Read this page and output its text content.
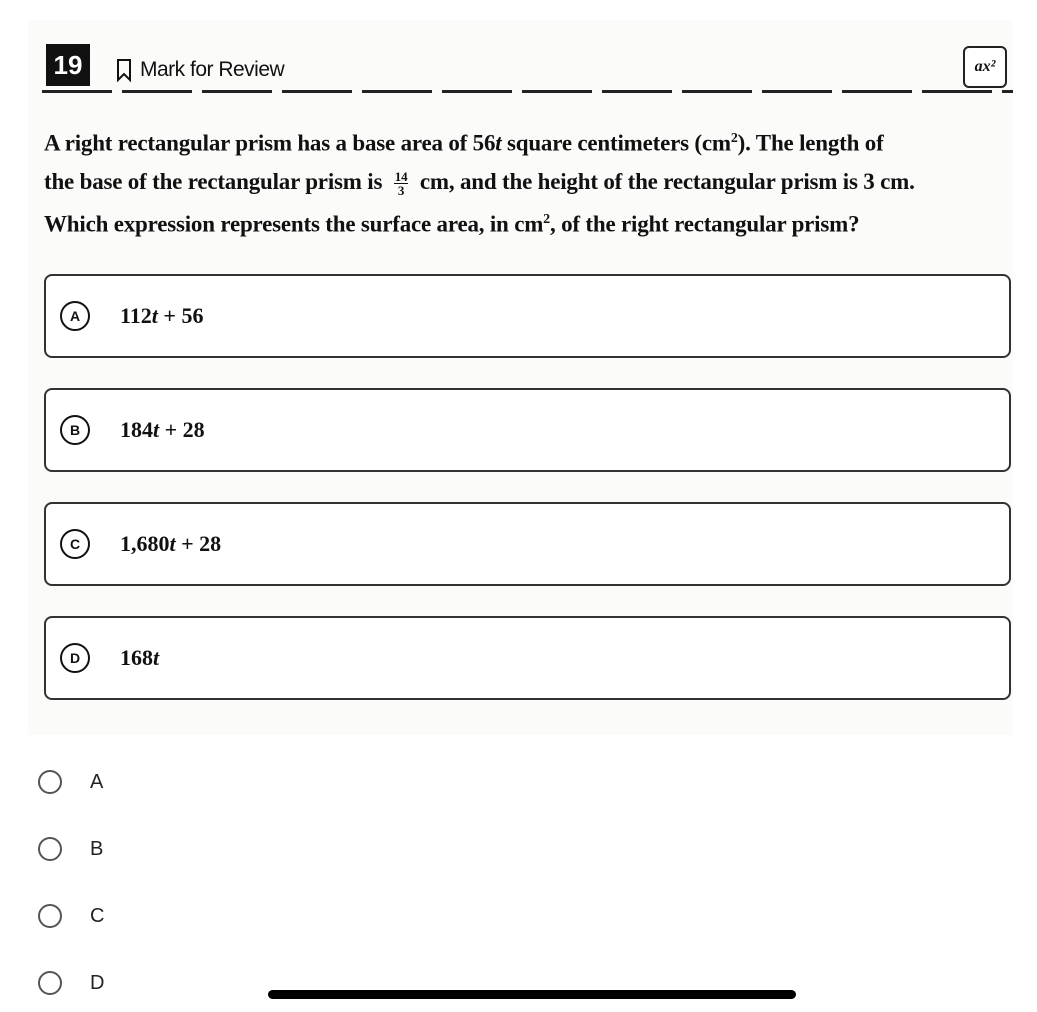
19	Mark for Review	ax²
A right rectangular prism has a base area of 56t square centimeters $(cm^2)$. The length of
the base of the rectangular prism is $\frac{14}{3}$ cm, and the height of the rectangular prism is 3 cm.
Which expression represents the surface area, in $cm^2$, of the right rectangular prism?
A	112t + 56
B	184t + 28
C	1,680t + 28
D	168t
A
B
C
D
